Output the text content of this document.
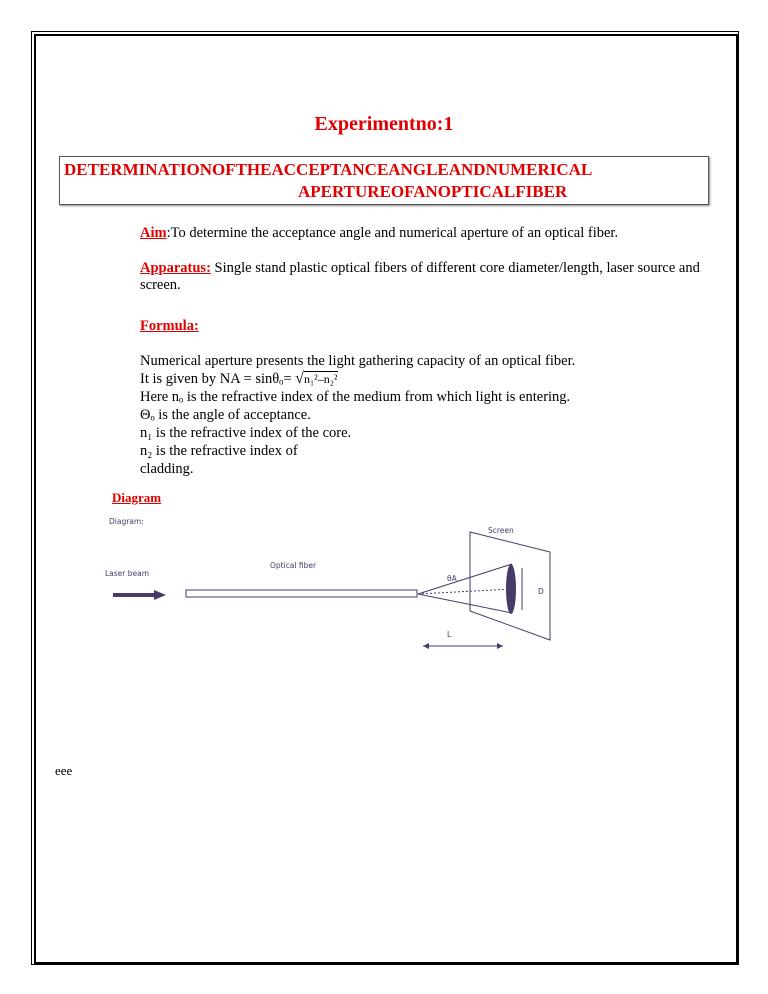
Experimentno:1
DETERMINATIONOFTHEACCEPTANCEANGLEANDNUMERICAL
APERTUREOFANOPTICALFIBER
Aim:To determine the acceptance angle and numerical aperture of an optical fiber.
Apparatus: Single stand plastic optical fibers of different core diameter/length, laser source and
screen.
Formula:
Numerical aperture presents the light gathering capacity of an optical fiber.
It is given by NA = sinθₒ= √n₁²–n₂²
Here nₒ is the refractive index of the medium from which light is entering.
Θₒ is the angle of acceptance.
n₁ is the refractive index of the core.
n₂ is the refractive index of
cladding.
Diagram
Diagram:
Laser beam
Optical fiber
Screen
θA
D
L
eee
